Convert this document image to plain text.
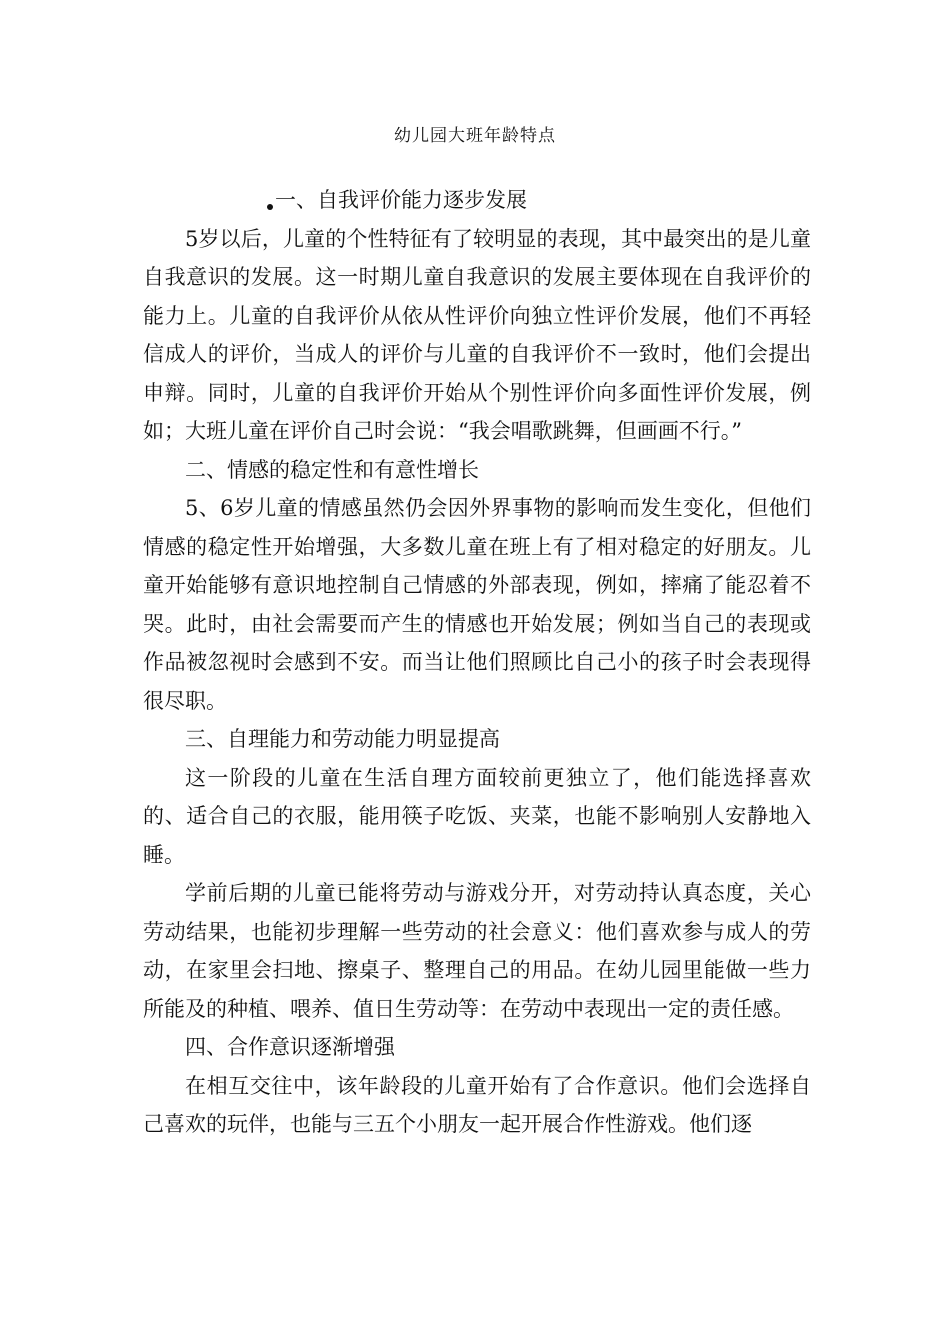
幼儿园大班年龄特点
一、自我评价能力逐步发展

5岁以后，儿童的个性特征有了较明显的表现，其中最突出的是儿童自我意识的发展。这一时期儿童自我意识的发展主要体现在自我评价的能力上。儿童的自我评价从依从性评价向独立性评价发展，他们不再轻信成人的评价，当成人的评价与儿童的自我评价不一致时，他们会提出申辩。同时，儿童的自我评价开始从个别性评价向多面性评价发展，例如；大班儿童在评价自己时会说：“我会唱歌跳舞，但画画不行。”

二、情感的稳定性和有意性增长

5、6岁儿童的情感虽然仍会因外界事物的影响而发生变化，但他们情感的稳定性开始增强，大多数儿童在班上有了相对稳定的好朋友。儿童开始能够有意识地控制自己情感的外部表现，例如，摔痛了能忍着不哭。此时，由社会需要而产生的情感也开始发展；例如当自己的表现或作品被忽视时会感到不安。而当让他们照顾比自己小的孩子时会表现得很尽职。

三、自理能力和劳动能力明显提高

这一阶段的儿童在生活自理方面较前更独立了，他们能选择喜欢的、适合自己的衣服，能用筷子吃饭、夹菜，也能不影响别人安静地入睡。

学前后期的儿童已能将劳动与游戏分开，对劳动持认真态度，关心劳动结果，也能初步理解一些劳动的社会意义：他们喜欢参与成人的劳动，在家里会扫地、擦桌子、整理自己的用品。在幼儿园里能做一些力所能及的种植、喂养、值日生劳动等：在劳动中表现出一定的责任感。

四、合作意识逐渐增强

在相互交往中，该年龄段的儿童开始有了合作意识。他们会选择自己喜欢的玩伴，也能与三五个小朋友一起开展合作性游戏。他们逐
